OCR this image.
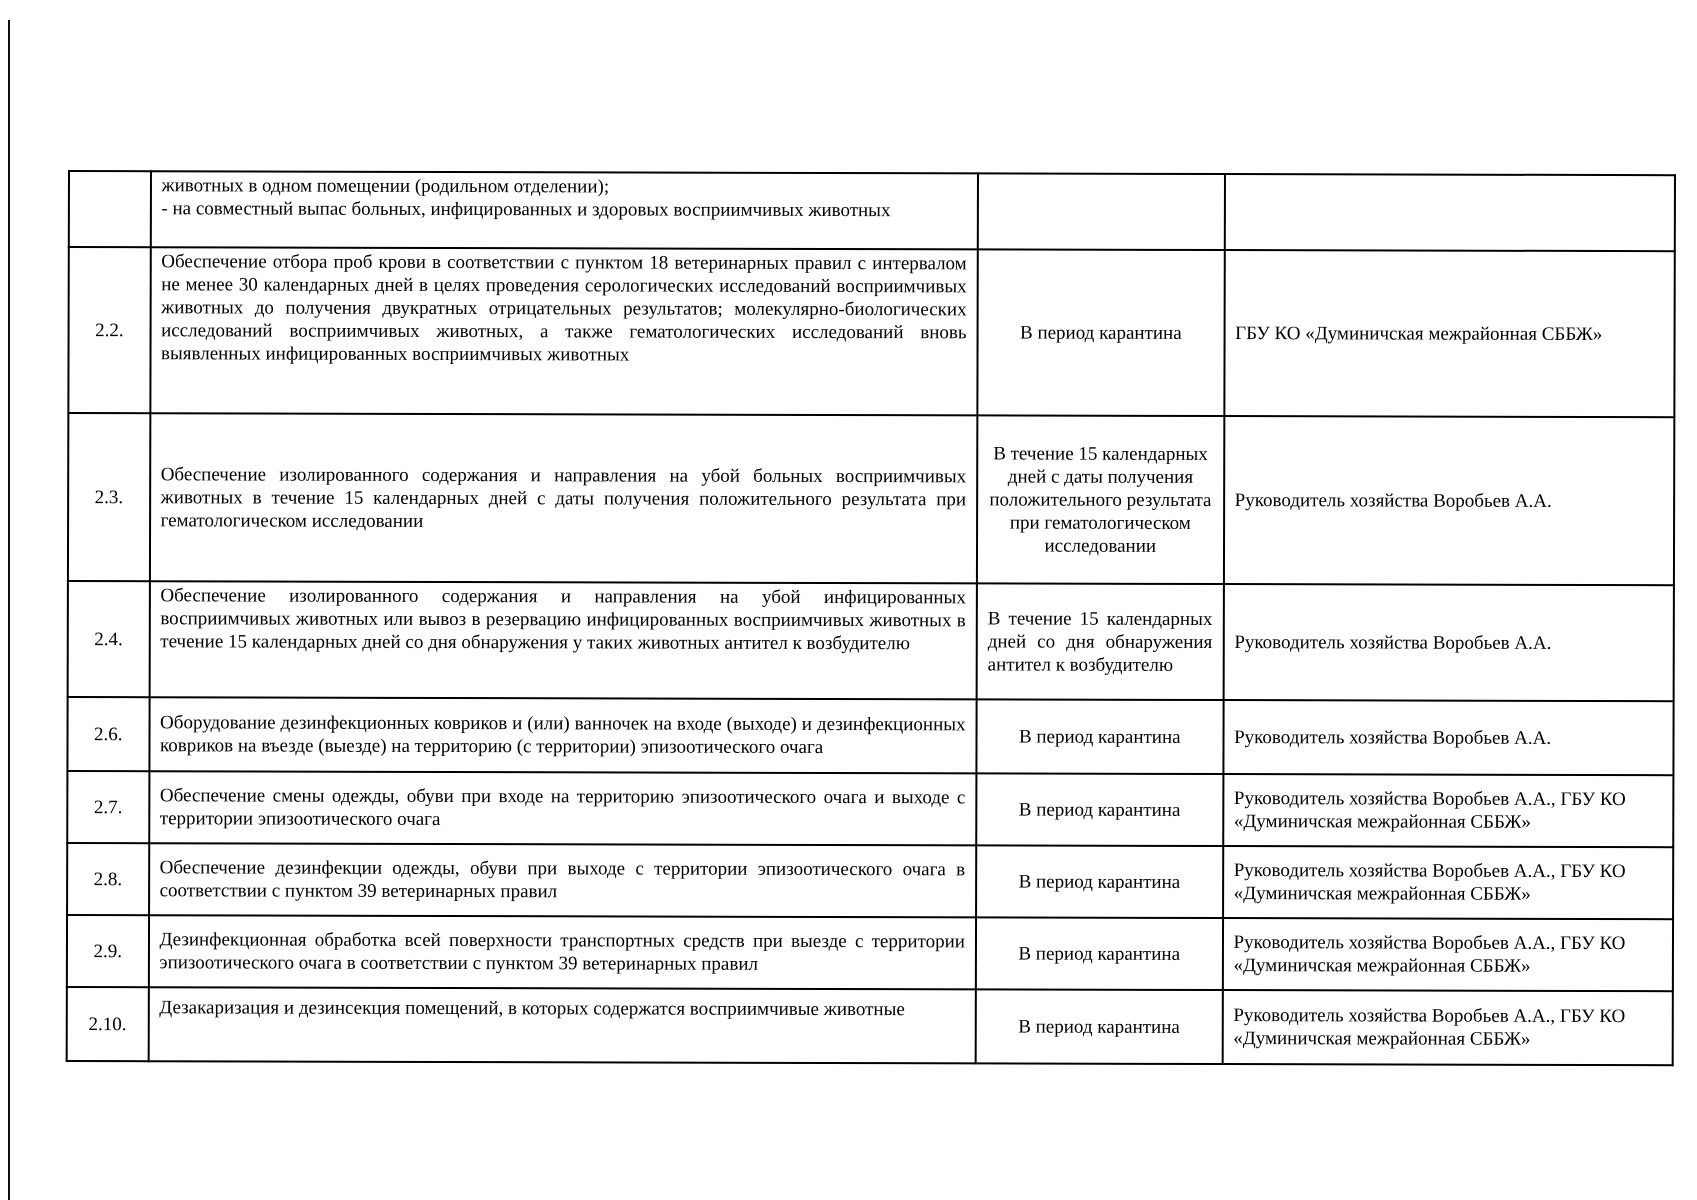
	животных в одном помещении (родильном отделении);
- на совместный выпас больных, инфицированных и здоровых восприимчивых животных		
2.2.	Обеспечение отбора проб крови в соответствии с пунктом 18 ветеринарных правил с интервалом не менее 30 календарных дней в целях проведения серологических исследований восприимчивых животных до получения двукратных отрицательных результатов; молекулярно-биологических исследований восприимчивых животных, а также гематологических исследований вновь выявленных инфицированных восприимчивых животных	В период карантина	ГБУ КО «Думиничская межрайонная СББЖ»
2.3.	Обеспечение изолированного содержания и направления на убой больных восприимчивых животных в течение 15 календарных дней с даты получения положительного результата при гематологическом исследовании	В течение 15 календарных дней с даты получения положительного результата при гематологическом исследовании	Руководитель хозяйства Воробьев А.А.
2.4.	Обеспечение изолированного содержания и направления на убой инфицированных восприимчивых животных или вывоз в резервацию инфицированных восприимчивых животных в течение 15 календарных дней со дня обнаружения у таких животных антител к возбудителю	В течение 15 календарных дней со дня обнаружения антител к возбудителю	Руководитель хозяйства Воробьев А.А.
2.6.	Оборудование дезинфекционных ковриков и (или) ванночек на входе (выходе) и дезинфекционных ковриков на въезде (выезде) на территорию (с территории) эпизоотического очага	В период карантина	Руководитель хозяйства Воробьев А.А.
2.7.	Обеспечение смены одежды, обуви при входе на территорию эпизоотического очага и выходе с территории эпизоотического очага	В период карантина	Руководитель хозяйства Воробьев А.А., ГБУ КО «Думиничская межрайонная СББЖ»
2.8.	Обеспечение дезинфекции одежды, обуви при выходе с территории эпизоотического очага в соответствии с пунктом 39 ветеринарных правил	В период карантина	Руководитель хозяйства Воробьев А.А., ГБУ КО «Думиничская межрайонная СББЖ»
2.9.	Дезинфекционная обработка всей поверхности транспортных средств при выезде с территории эпизоотического очага в соответствии с пунктом 39 ветеринарных правил	В период карантина	Руководитель хозяйства Воробьев А.А., ГБУ КО «Думиничская межрайонная СББЖ»
2.10.	Дезакаризация и дезинсекция помещений, в которых содержатся восприимчивые животные	В период карантина	Руководитель хозяйства Воробьев А.А., ГБУ КО «Думиничская межрайонная СББЖ»
